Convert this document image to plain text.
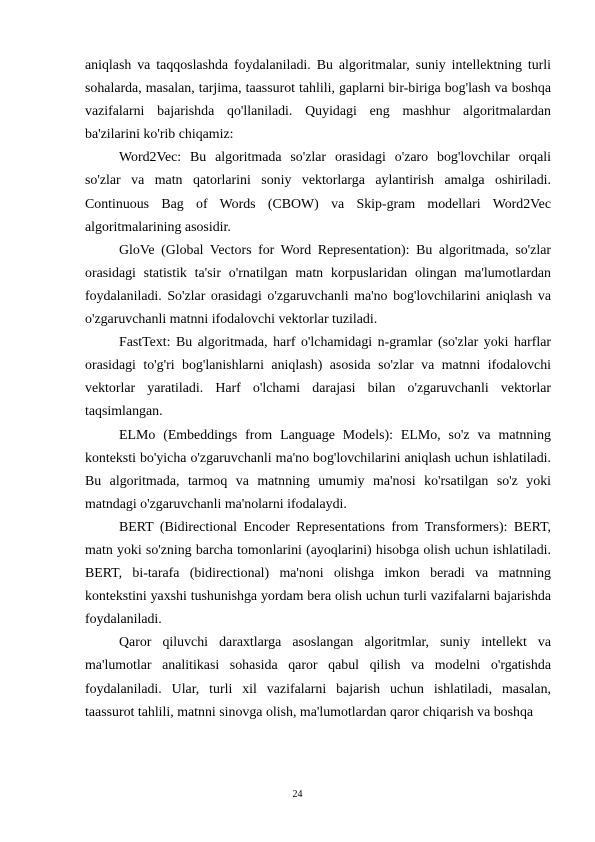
aniqlash va taqqoslashda foydalaniladi. Bu algoritmalar, suniy intellektning turli sohalarda, masalan, tarjima, taassurot tahlili, gaplarni bir-biriga bog'lash va boshqa vazifalarni bajarishda qo'llaniladi. Quyidagi eng mashhur algoritmalardan ba'zilarini ko'rib chiqamiz:

Word2Vec: Bu algoritmada so'zlar orasidagi o'zaro bog'lovchilar orqali so'zlar va matn qatorlarini soniy vektorlarga aylantirish amalga oshiriladi. Continuous Bag of Words (CBOW) va Skip-gram modellari Word2Vec algoritmalarining asosidir.

GloVe (Global Vectors for Word Representation): Bu algoritmada, so'zlar orasidagi statistik ta'sir o'rnatilgan matn korpuslaridan olingan ma'lumotlardan foydalaniladi. So'zlar orasidagi o'zgaruvchanli ma'no bog'lovchilarini aniqlash va o'zgaruvchanli matnni ifodalovchi vektorlar tuziladi.

FastText: Bu algoritmada, harf o'lchamidagi n-gramlar (so'zlar yoki harflar orasidagi to'g'ri bog'lanishlarni aniqlash) asosida so'zlar va matnni ifodalovchi vektorlar yaratiladi. Harf o'lchami darajasi bilan o'zgaruvchanli vektorlar taqsimlangan.

ELMo (Embeddings from Language Models): ELMo, so'z va matnning konteksti bo'yicha o'zgaruvchanli ma'no bog'lovchilarini aniqlash uchun ishlatiladi. Bu algoritmada, tarmoq va matnning umumiy ma'nosi ko'rsatilgan so'z yoki matndagi o'zgaruvchanli ma'nolarni ifodalaydi.

BERT (Bidirectional Encoder Representations from Transformers): BERT, matn yoki so'zning barcha tomonlarini (ayoqlarini) hisobga olish uchun ishlatiladi. BERT, bi-tarafa (bidirectional) ma'noni olishga imkon beradi va matnning kontekstini yaxshi tushunishga yordam bera olish uchun turli vazifalarni bajarishda foydalaniladi.

Qaror qiluvchi daraxtlarga asoslangan algoritmlar, suniy intellekt va ma'lumotlar analitikasi sohasida qaror qabul qilish va modelni o'rgatishda foydalaniladi. Ular, turli xil vazifalarni bajarish uchun ishlatiladi, masalan, taassurot tahlili, matnni sinovga olish, ma'lumotlardan qaror chiqarish va boshqa

24
